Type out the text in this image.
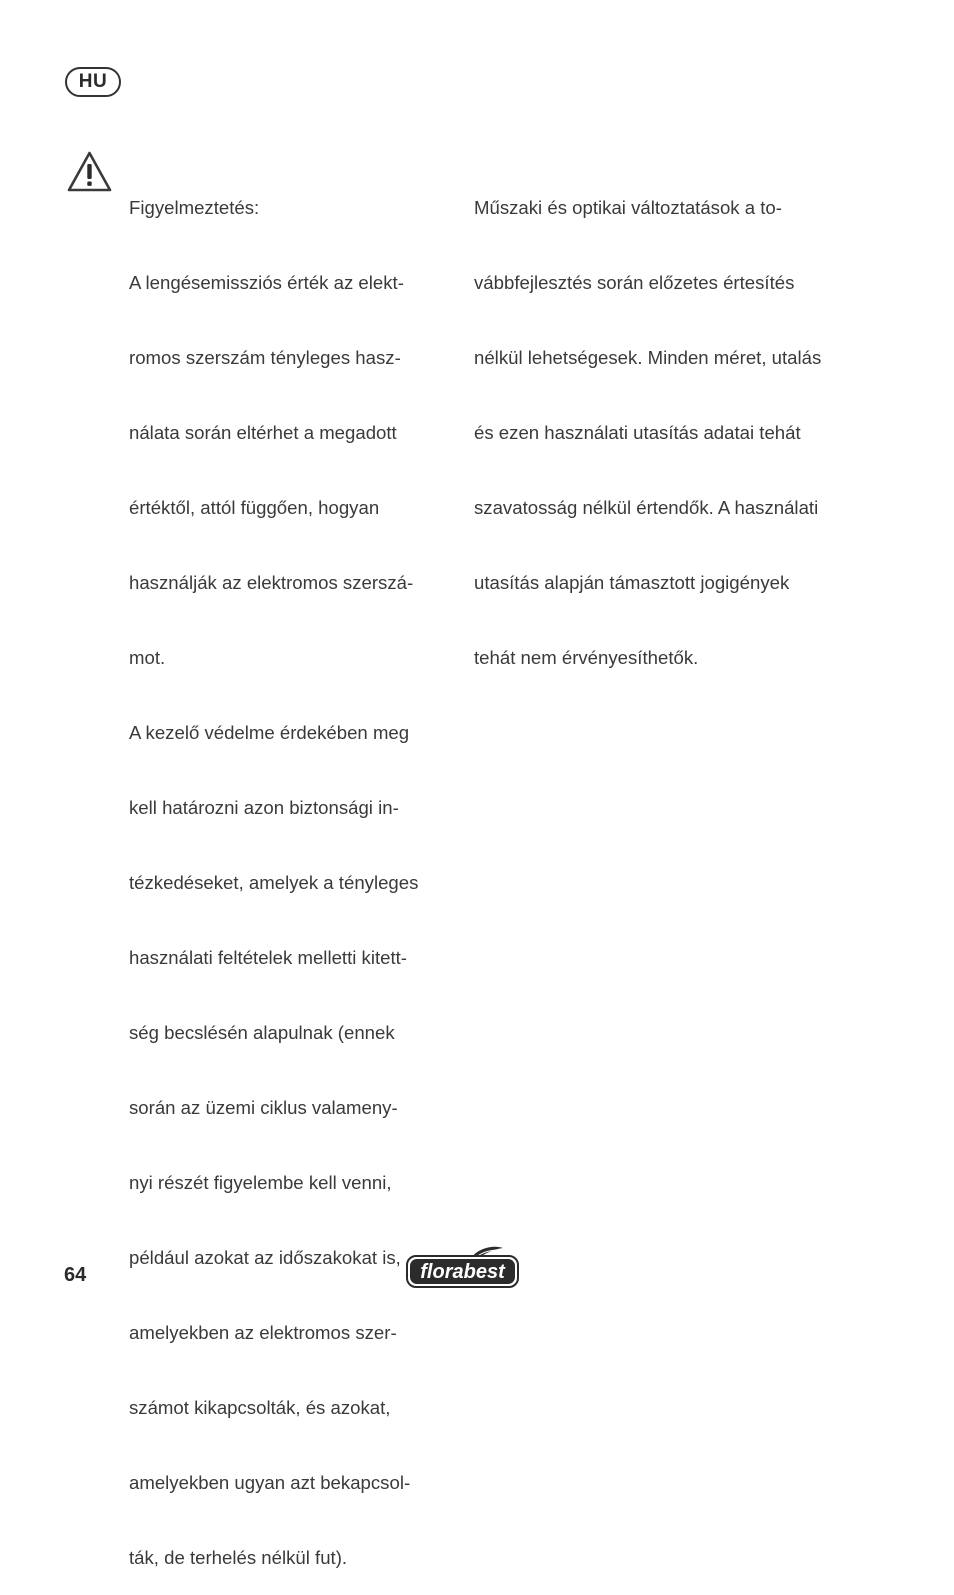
HU

Figyelmeztetés:

A lengésemissziós érték az elekt-

romos szerszám tényleges hasz-

nálata során eltérhet a megadott

értéktől, attól függően, hogyan

használják az elektromos szerszá-

mot.

A kezelő védelme érdekében meg

kell határozni azon biztonsági in-

tézkedéseket, amelyek a tényleges

használati feltételek melletti kitett-

ség becslésén alapulnak (ennek

során az üzemi ciklus valameny-

nyi részét figyelembe kell venni,

például azokat az időszakokat is,

amelyekben az elektromos szer-

számot kikapcsolták, és azokat,

amelyekben ugyan azt bekapcsol-

ták, de terhelés nélkül fut).

Műszaki és optikai változtatások a to-

vábbfejlesztés során előzetes értesítés

nélkül lehetségesek. Minden méret, utalás

és ezen használati utasítás adatai tehát

szavatosság nélkül értendők. A használati

utasítás alapján támasztott jogigények

tehát nem érvényesíthetők.

64	florabest
